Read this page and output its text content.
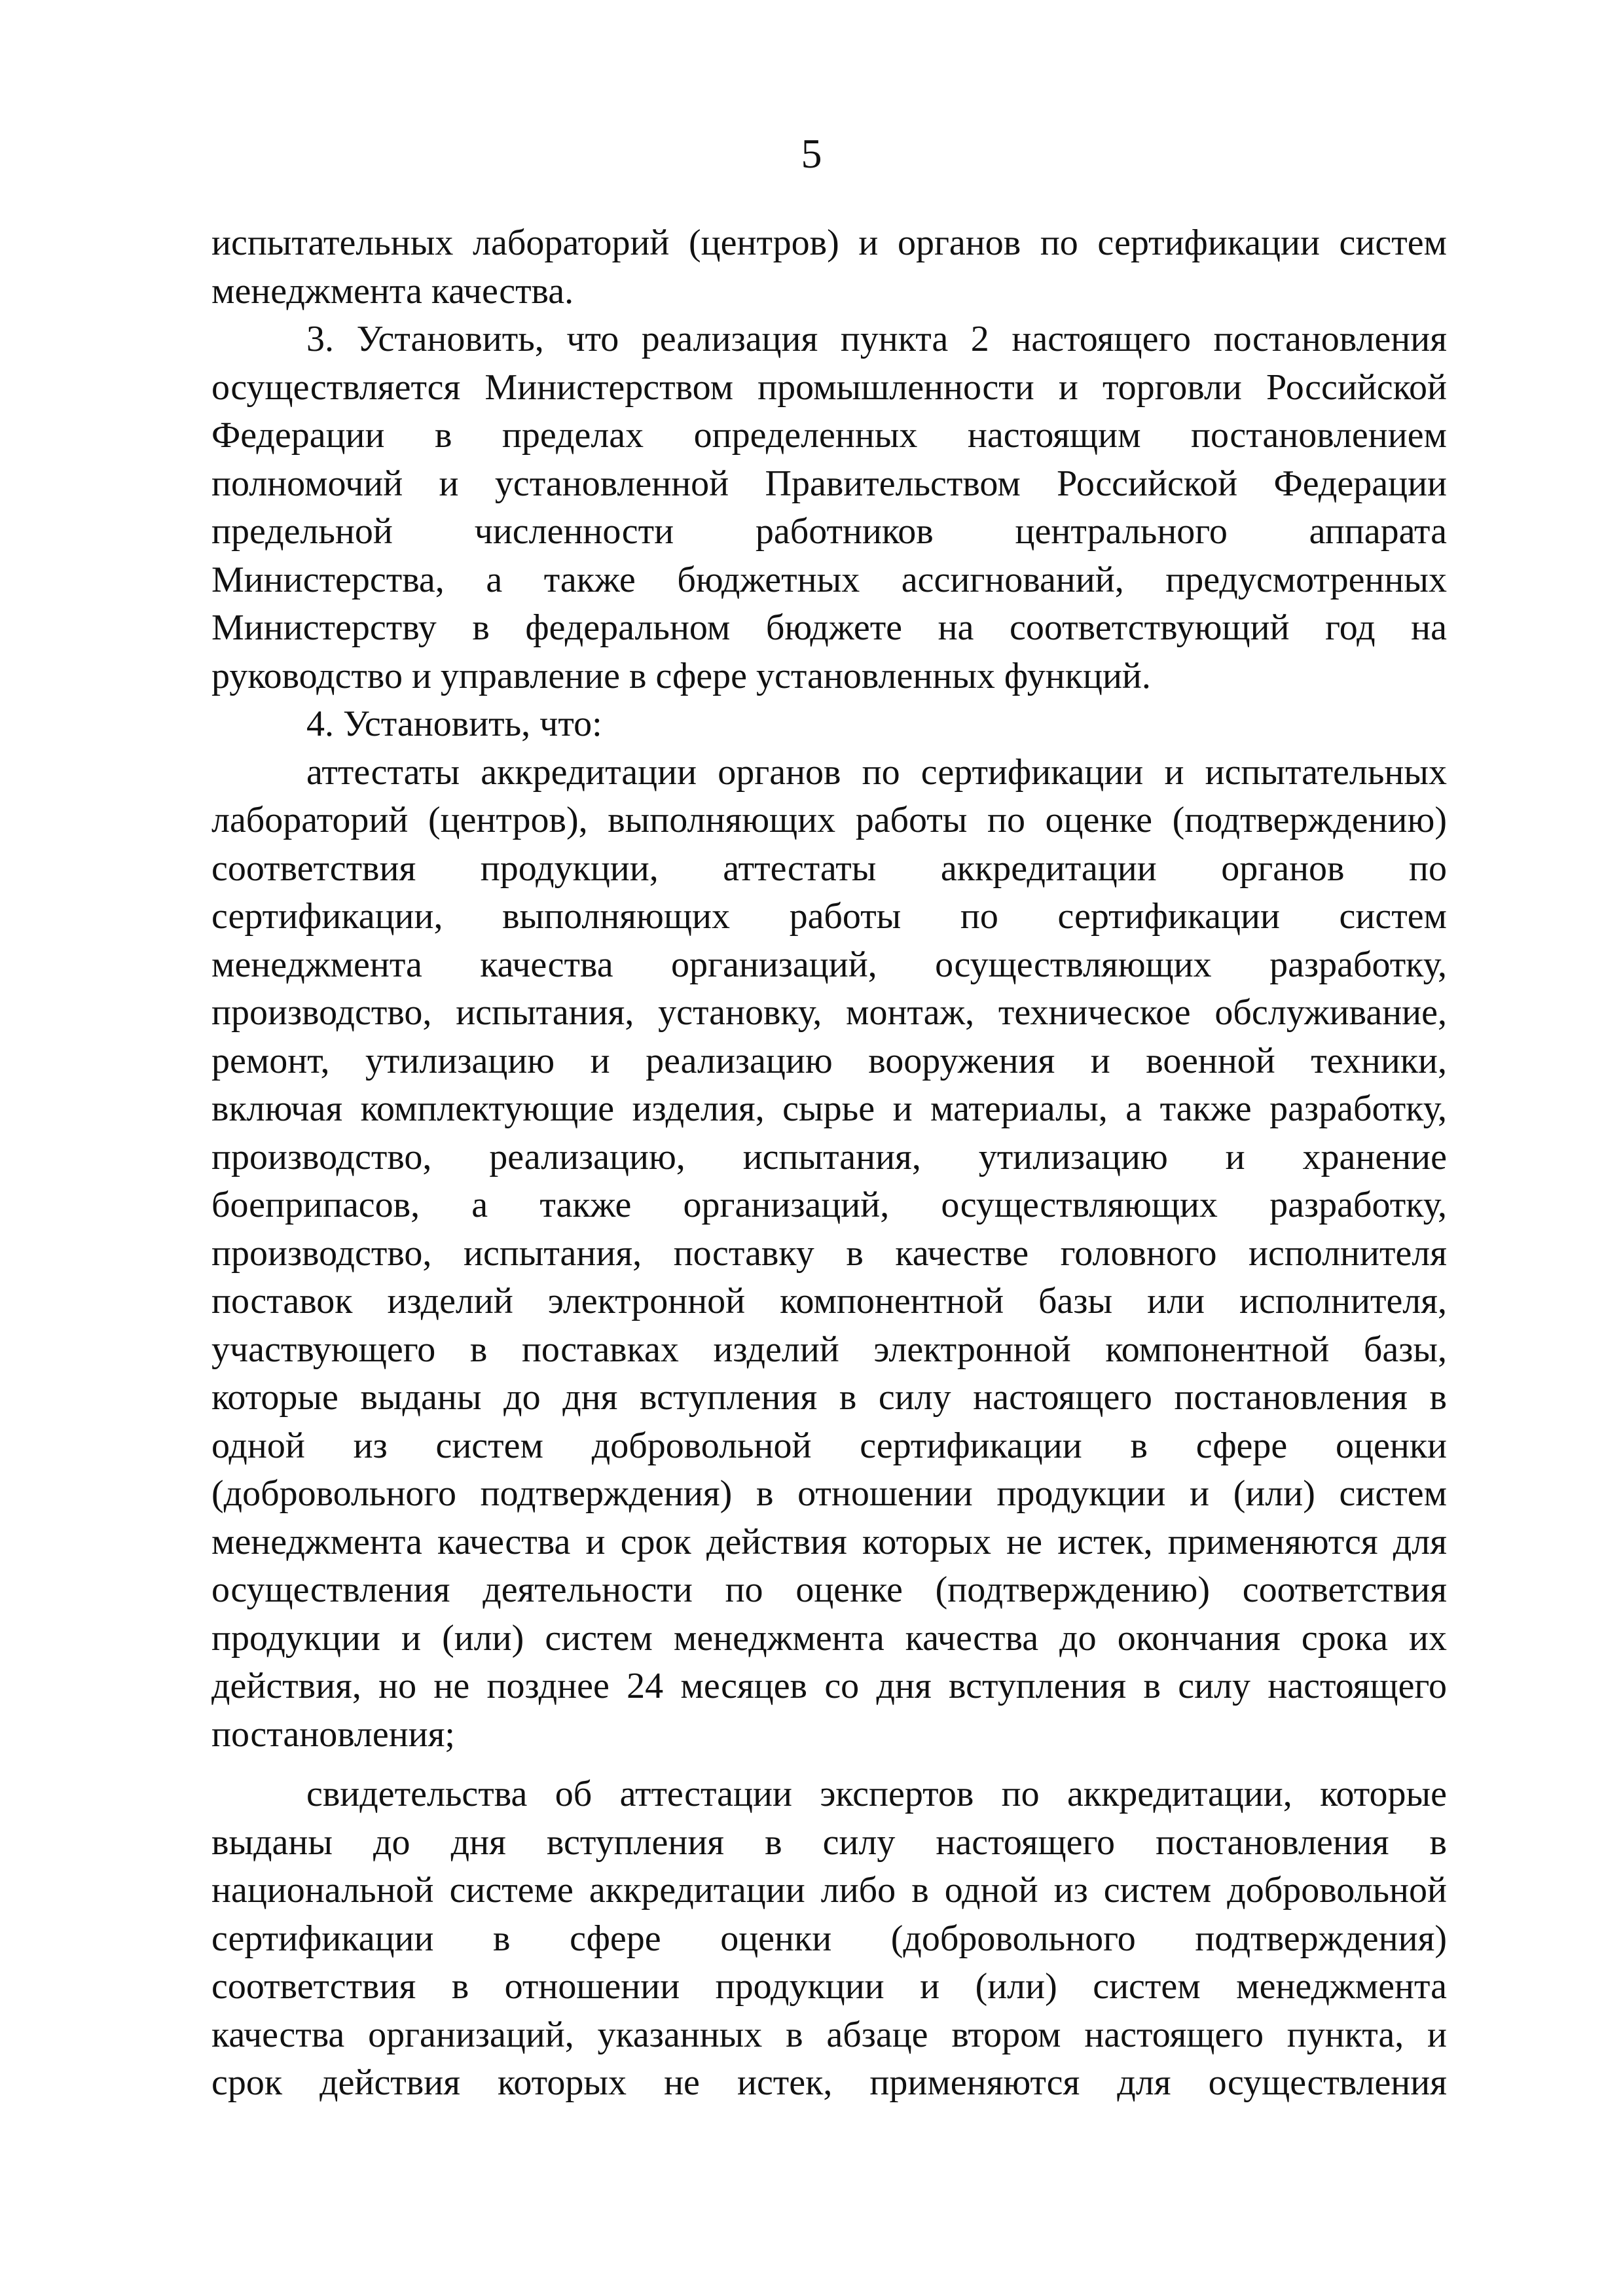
5
испытательных лабораторий (центров) и органов по сертификации систем
менеджмента качества.
3. Установить, что реализация пункта 2 настоящего постановления
осуществляется Министерством промышленности и торговли Российской
Федерации в пределах определенных настоящим постановлением
полномочий и установленной Правительством Российской Федерации
предельной численности работников центрального аппарата
Министерства, а также бюджетных ассигнований, предусмотренных
Министерству в федеральном бюджете на соответствующий год на
руководство и управление в сфере установленных функций.
4. Установить, что:
аттестаты аккредитации органов по сертификации и испытательных
лабораторий (центров), выполняющих работы по оценке (подтверждению)
соответствия продукции, аттестаты аккредитации органов по
сертификации, выполняющих работы по сертификации систем
менеджмента качества организаций, осуществляющих разработку,
производство, испытания, установку, монтаж, техническое обслуживание,
ремонт, утилизацию и реализацию вооружения и военной техники,
включая комплектующие изделия, сырье и материалы, а также разработку,
производство, реализацию, испытания, утилизацию и хранение
боеприпасов, а также организаций, осуществляющих разработку,
производство, испытания, поставку в качестве головного исполнителя
поставок изделий электронной компонентной базы или исполнителя,
участвующего в поставках изделий электронной компонентной базы,
которые выданы до дня вступления в силу настоящего постановления в
одной из систем добровольной сертификации в сфере оценки
(добровольного подтверждения) в отношении продукции и (или) систем
менеджмента качества и срок действия которых не истек, применяются для
осуществления деятельности по оценке (подтверждению) соответствия
продукции и (или) систем менеджмента качества до окончания срока их
действия, но не позднее 24 месяцев со дня вступления в силу настоящего
постановления;
свидетельства об аттестации экспертов по аккредитации, которые
выданы до дня вступления в силу настоящего постановления в
национальной системе аккредитации либо в одной из систем добровольной
сертификации в сфере оценки (добровольного подтверждения)
соответствия в отношении продукции и (или) систем менеджмента
качества организаций, указанных в абзаце втором настоящего пункта, и
срок действия которых не истек, применяются для осуществления
